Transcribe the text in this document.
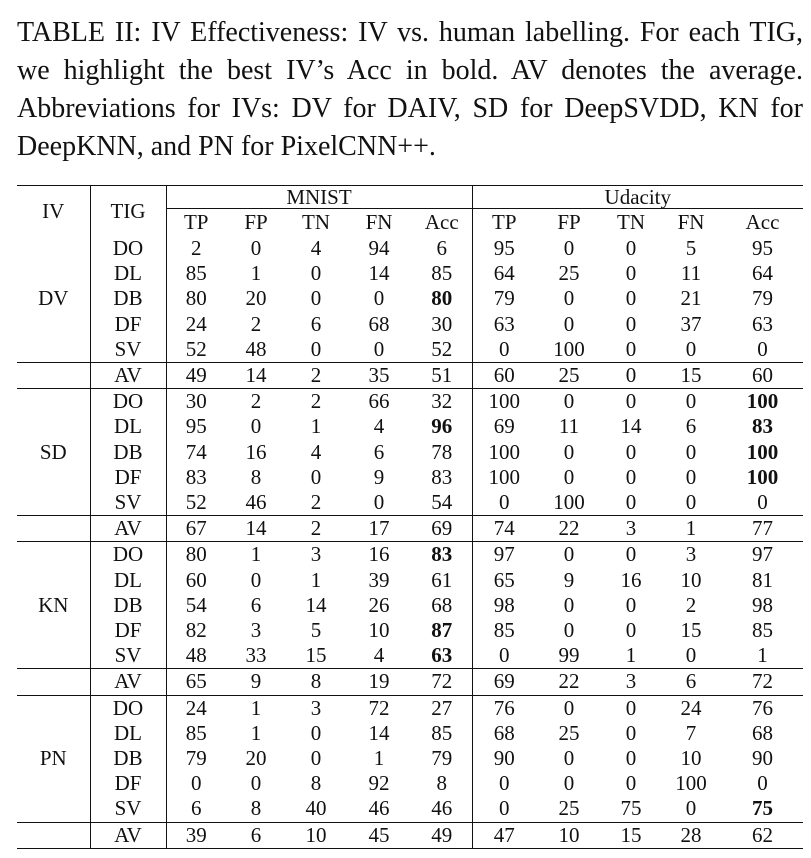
TABLE II: IV Effectiveness: IV vs. human labelling. For each TIG, we highlight the best IV’s Acc in bold. AV denotes the average. Abbreviations for IVs: DV for DAIV, SD for DeepSVDD, KN for DeepKNN, and PN for PixelCNN++.
IV	TIG	MNIST					Udacity				
		TP	FP	TN	FN	Acc	TP	FP	TN	FN	Acc
DV	DO	2	0	4	94	6	95	0	0	5	95
	DL	85	1	0	14	85	64	25	0	11	64
	DB	80	20	0	0	80	79	0	0	21	79
	DF	24	2	6	68	30	63	0	0	37	63
	SV	52	48	0	0	52	0	100	0	0	0
	AV	49	14	2	35	51	60	25	0	15	60
SD	DO	30	2	2	66	32	100	0	0	0	100
	DL	95	0	1	4	96	69	11	14	6	83
	DB	74	16	4	6	78	100	0	0	0	100
	DF	83	8	0	9	83	100	0	0	0	100
	SV	52	46	2	0	54	0	100	0	0	0
	AV	67	14	2	17	69	74	22	3	1	77
KN	DO	80	1	3	16	83	97	0	0	3	97
	DL	60	0	1	39	61	65	9	16	10	81
	DB	54	6	14	26	68	98	0	0	2	98
	DF	82	3	5	10	87	85	0	0	15	85
	SV	48	33	15	4	63	0	99	1	0	1
	AV	65	9	8	19	72	69	22	3	6	72
PN	DO	24	1	3	72	27	76	0	0	24	76
	DL	85	1	0	14	85	68	25	0	7	68
	DB	79	20	0	1	79	90	0	0	10	90
	DF	0	0	8	92	8	0	0	0	100	0
	SV	6	8	40	46	46	0	25	75	0	75
	AV	39	6	10	45	49	47	10	15	28	62
